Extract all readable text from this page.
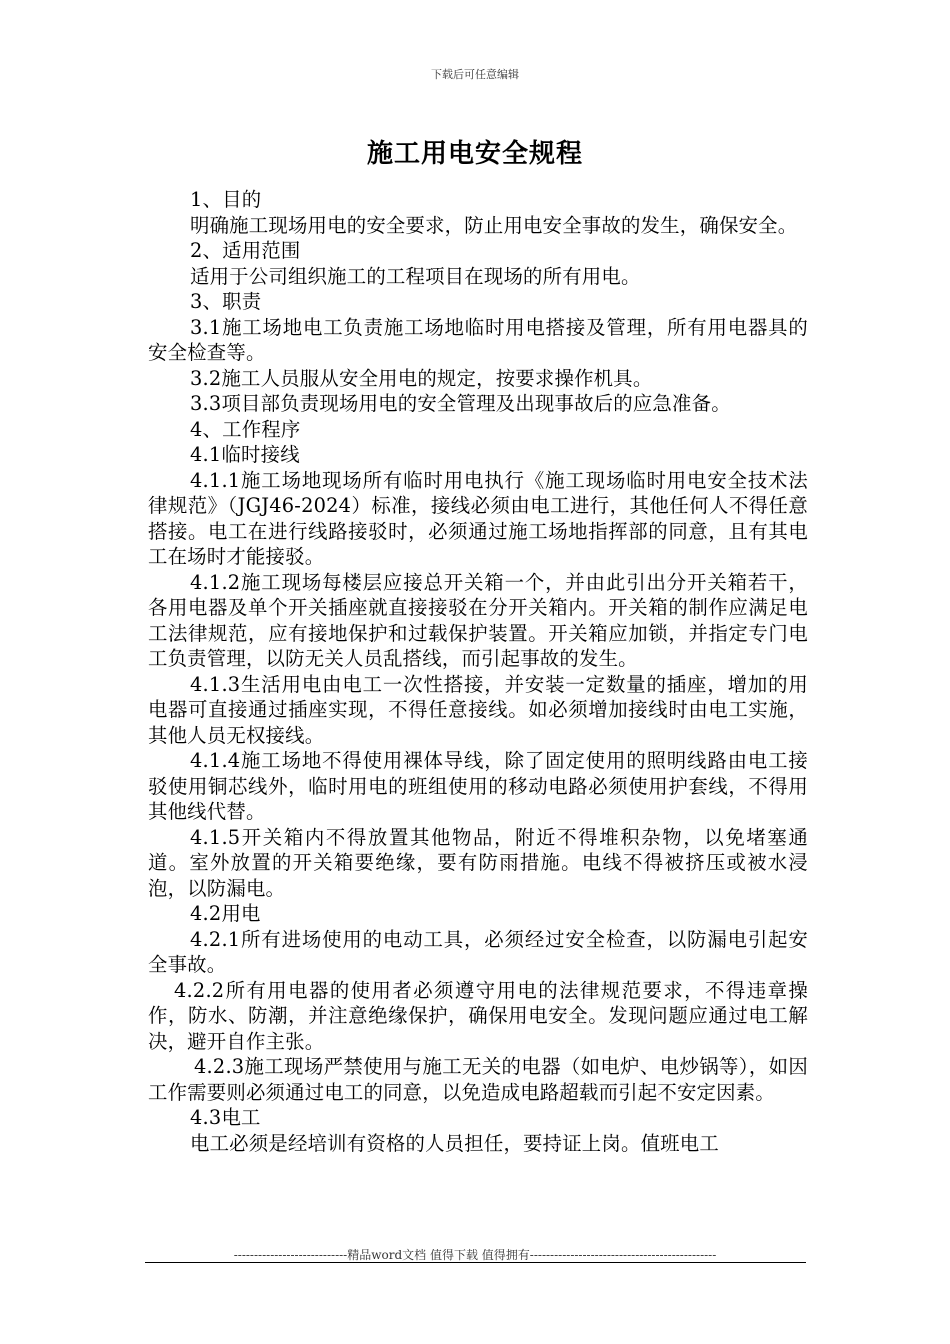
下载后可任意编辑
施工用电安全规程

1、目的

明确施工现场用电的安全要求，防止用电安全事故的发生，确保安全。

2、适用范围

适用于公司组织施工的工程项目在现场的所有用电。

3、职责

3.1施工场地电工负责施工场地临时用电搭接及管理，所有用电器具的安全检查等。

3.2施工人员服从安全用电的规定，按要求操作机具。

3.3项目部负责现场用电的安全管理及出现事故后的应急准备。

4、工作程序

4.1临时接线

4.1.1施工场地现场所有临时用电执行《施工现场临时用电安全技术法律规范》（JGJ46-2024）标准，接线必须由电工进行，其他任何人不得任意搭接。电工在进行线路接驳时，必须通过施工场地指挥部的同意，且有其电工在场时才能接驳。

4.1.2施工现场每楼层应接总开关箱一个，并由此引出分开关箱若干，各用电器及单个开关插座就直接接驳在分开关箱内。开关箱的制作应满足电工法律规范，应有接地保护和过载保护装置。开关箱应加锁，并指定专门电工负责管理，以防无关人员乱搭线，而引起事故的发生。

4.1.3生活用电由电工一次性搭接，并安装一定数量的插座，增加的用电器可直接通过插座实现，不得任意接线。如必须增加接线时由电工实施，其他人员无权接线。

4.1.4施工场地不得使用裸体导线，除了固定使用的照明线路由电工接驳使用铜芯线外，临时用电的班组使用的移动电路必须使用护套线，不得用其他线代替。

4.1.5开关箱内不得放置其他物品，附近不得堆积杂物，以免堵塞通道。室外放置的开关箱要绝缘，要有防雨措施。电线不得被挤压或被水浸泡，以防漏电。

4.2用电

4.2.1所有进场使用的电动工具，必须经过安全检查，以防漏电引起安全事故。

4.2.2所有用电器的使用者必须遵守用电的法律规范要求，不得违章操作，防水、防潮，并注意绝缘保护，确保用电安全。发现问题应通过电工解决，避开自作主张。

4.2.3施工现场严禁使用与施工无关的电器（如电炉、电炒锅等），如因工作需要则必须通过电工的同意，以免造成电路超载而引起不安定因素。

4.3电工

电工必须是经培训有资格的人员担任，要持证上岗。值班电工

----------------------------精品word文档 值得下载 值得拥有----------------------------------------------
